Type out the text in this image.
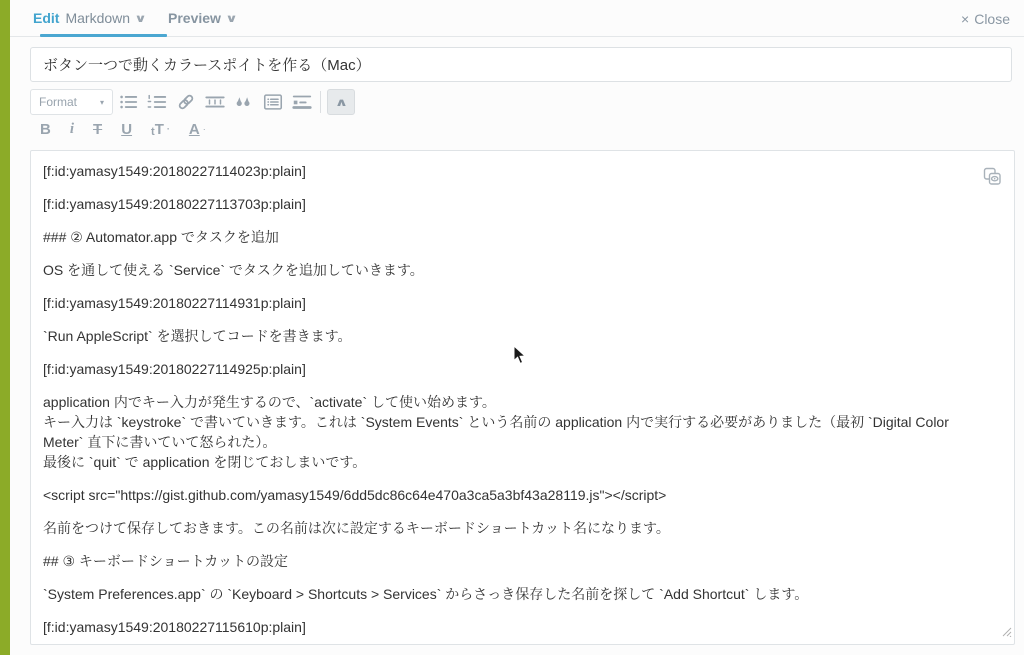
Edit Markdown ∨ Preview ∨	× Close
ボタン一つで動くカラースポイトを作る（Mac）
Format	▾	∧
B i T U t T · A ·
[f:id:yamasy1549:20180227114023p:plain]
[f:id:yamasy1549:20180227113703p:plain]
### ② Automator.app でタスクを追加
OS を通して使える `Service` でタスクを追加していきます。
[f:id:yamasy1549:20180227114931p:plain]
`Run AppleScript` を選択してコードを書きます。
[f:id:yamasy1549:20180227114925p:plain]
application 内でキー入力が発生するので、`activate` して使い始めます。
キー入力は `keystroke` で書いていきます。これは `System Events` という名前の application 内で実行する必要がありました（最初 `Digital Color Meter` 直下に書いていて怒られた）。
最後に `quit` で application を閉じておしまいです。
<script src="https://gist.github.com/yamasy1549/6dd5dc86c64e470a3ca5a3bf43a28119.js"></script>
名前をつけて保存しておきます。この名前は次に設定するキーボードショートカット名になります。
## ③ キーボードショートカットの設定
`System Preferences.app` の `Keyboard > Shortcuts > Services` からさっき保存した名前を探して `Add Shortcut` します。
[f:id:yamasy1549:20180227115610p:plain]
